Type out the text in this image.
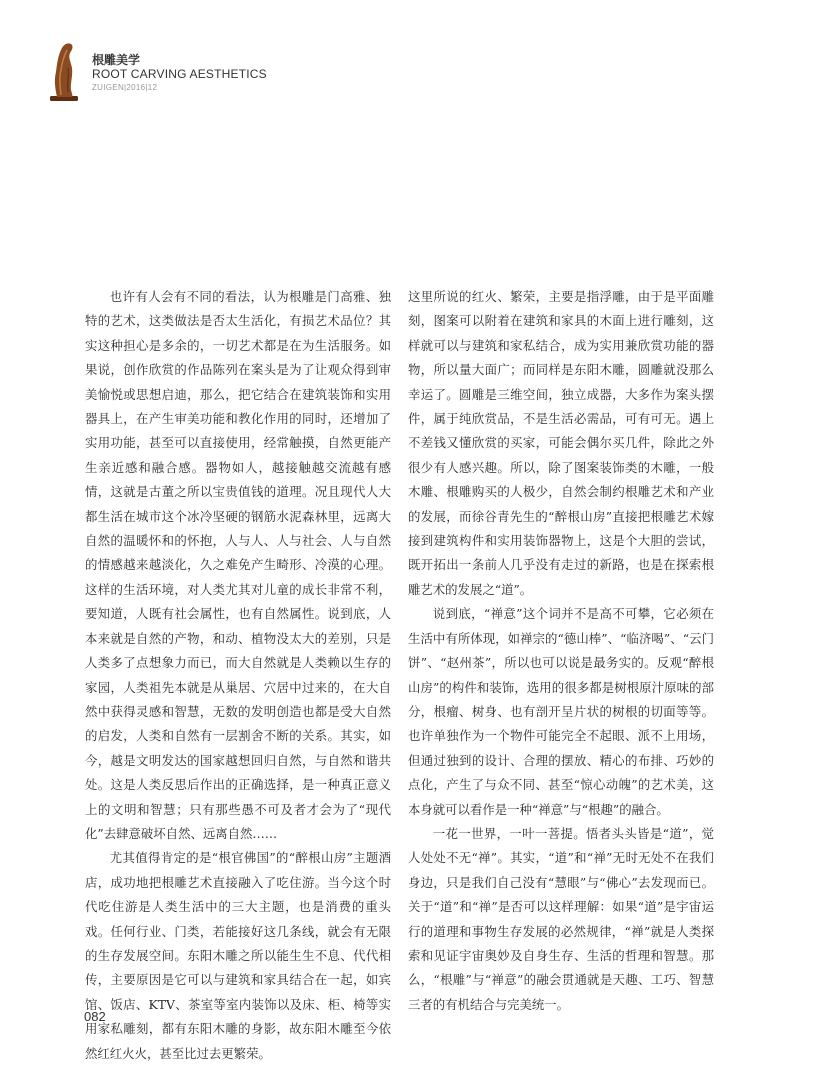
根雕美学
ROOT CARVING AESTHETICS
ZUIGEN|2016|12

也许有人会有不同的看法，认为根雕是门高雅、独特的艺术，这类做法是否太生活化，有损艺术品位？其实这种担心是多余的，一切艺术都是在为生活服务。如果说，创作欣赏的作品陈列在案头是为了让观众得到审美愉悦或思想启迪，那么，把它结合在建筑装饰和实用器具上，在产生审美功能和教化作用的同时，还增加了实用功能，甚至可以直接使用，经常触摸，自然更能产生亲近感和融合感。器物如人，越接触越交流越有感情，这就是古董之所以宝贵值钱的道理。况且现代人大都生活在城市这个冰冷坚硬的钢筋水泥森林里，远离大自然的温暖怀和的怀抱，人与人、人与社会、人与自然的情感越来越淡化，久之难免产生畸形、冷漠的心理。这样的生活环境，对人类尤其对儿童的成长非常不利，要知道，人既有社会属性，也有自然属性。说到底，人本来就是自然的产物，和动、植物没太大的差别，只是人类多了点想象力而已，而大自然就是人类赖以生存的家园，人类祖先本就是从巢居、穴居中过来的，在大自然中获得灵感和智慧，无数的发明创造也都是受大自然的启发，人类和自然有一层割舍不断的关系。其实，如今，越是文明发达的国家越想回归自然，与自然和谐共处。这是人类反思后作出的正确选择，是一种真正意义上的文明和智慧；只有那些愚不可及者才会为了“现代化”去肆意破坏自然、远离自然……

尤其值得肯定的是“根官佛国”的“醉根山房”主题酒店，成功地把根雕艺术直接融入了吃住游。当今这个时代吃住游是人类生活中的三大主题，也是消费的重头戏。任何行业、门类，若能接好这几条线，就会有无限的生存发展空间。东阳木雕之所以能生生不息、代代相传，主要原因是它可以与建筑和家具结合在一起，如宾馆、饭店、KTV、茶室等室内装饰以及床、柜、椅等实用家私雕刻，都有东阳木雕的身影，故东阳木雕至今依然红红火火，甚至比过去更繁荣。

这里所说的红火、繁荣，主要是指浮雕，由于是平面雕刻，图案可以附着在建筑和家具的木面上进行雕刻，这样就可以与建筑和家私结合，成为实用兼欣赏功能的器物，所以量大面广；而同样是东阳木雕，圆雕就没那么幸运了。圆雕是三维空间，独立成器，大多作为案头摆件，属于纯欣赏品，不是生活必需品，可有可无。遇上不差钱又懂欣赏的买家，可能会偶尔买几件，除此之外很少有人感兴趣。所以，除了图案装饰类的木雕，一般木雕、根雕购买的人极少，自然会制约根雕艺术和产业的发展，而徐谷青先生的“醉根山房”直接把根雕艺术嫁接到建筑构件和实用装饰器物上，这是个大胆的尝试，既开拓出一条前人几乎没有走过的新路，也是在探索根雕艺术的发展之“道”。

说到底，“禅意”这个词并不是高不可攀，它必须在生活中有所体现，如禅宗的“德山棒”、“临济喝”、“云门饼”、“赵州茶”，所以也可以说是最务实的。反观“醉根山房”的构件和装饰，选用的很多都是树根原汁原味的部分，根瘤、树身、也有剖开呈片状的树根的切面等等。也许单独作为一个物件可能完全不起眼、派不上用场，但通过独到的设计、合理的摆放、精心的布排、巧妙的点化，产生了与众不同、甚至“惊心动魄”的艺术美，这本身就可以看作是一种“禅意”与“根趣”的融合。

一花一世界，一叶一菩提。悟者头头皆是“道”，觉人处处不无“禅”。其实，“道”和“禅”无时无处不在我们身边，只是我们自己没有“慧眼”与“佛心”去发现而已。关于“道”和“禅”是否可以这样理解：如果“道”是宇宙运行的道理和事物生存发展的必然规律，“禅”就是人类探索和见证宇宙奥妙及自身生存、生活的哲理和智慧。那么，“根雕”与“禅意”的融会贯通就是天趣、工巧、智慧三者的有机结合与完美统一。

082
